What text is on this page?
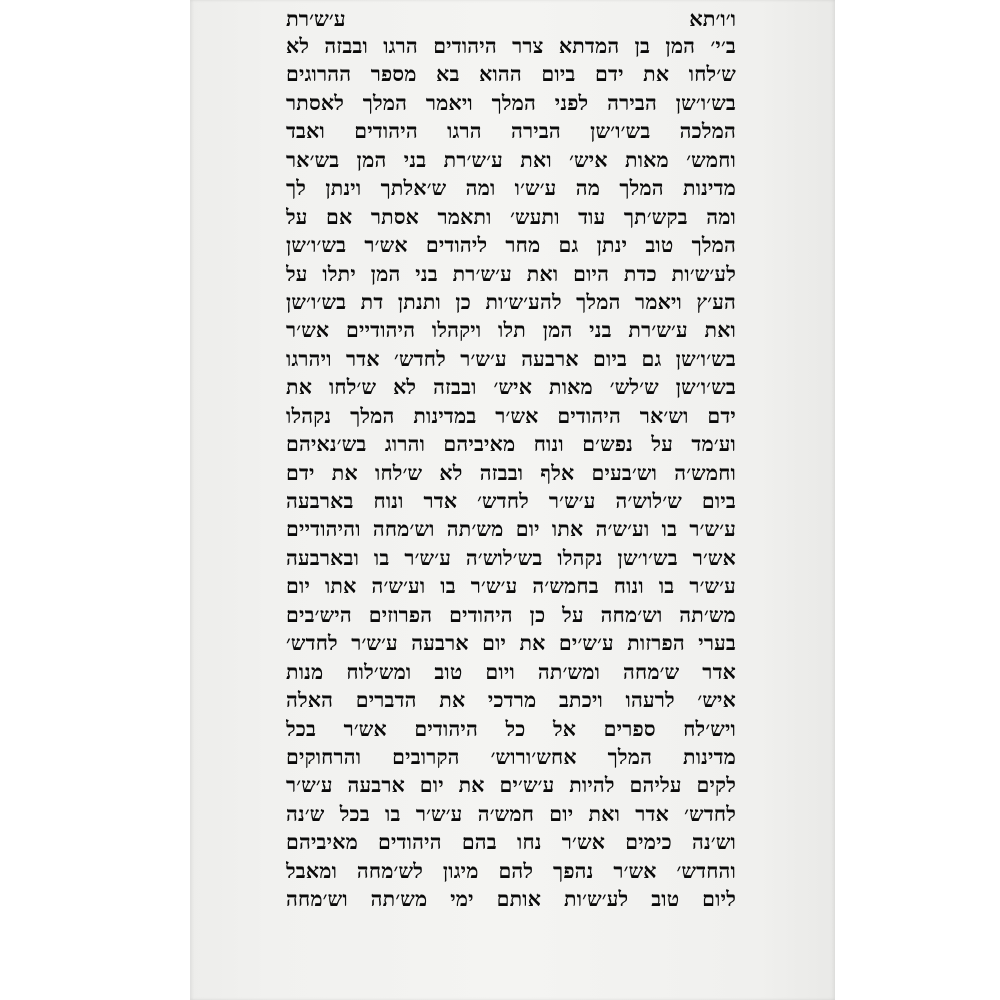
ו׳ו׳תא
ע׳ש׳רת
ב׳י׳ המן בן המדתא צרר היהודים הרגו ובבזה לא
ש׳לחו את ידם ביום ההוא בא מספר ההרוגים
בש׳ו׳שן הבירה לפני המלך ויאמר המלך לאסתר
המלכה בש׳ו׳שן הבירה הרגו היהודים ואבד
וחמש׳ מאות איש׳ ואת ע׳ש׳רת בני המן בש׳אר
מדינות המלך מה ע׳ש׳ו ומה ש׳אלתך וינתן לך
ומה בקש׳תך עוד ותעש׳ ותאמר אסתר אם על
המלך טוב ינתן גם מחר ליהודים אש׳ר בש׳ו׳שן
לע׳ש׳ות כדת היום ואת ע׳ש׳רת בני המן יתלו על
הע׳ץ ויאמר המלך להע׳ש׳ות כן ותנתן דת בש׳ו׳שן
ואת ע׳ש׳רת בני המן תלו ויקהלו היהודיים אש׳ר
בש׳ו׳שן גם ביום ארבעה ע׳ש׳ר לחדש׳ אדר ויהרגו
בש׳ו׳שן ש׳לש׳ מאות איש׳ ובבזה לא ש׳לחו את
ידם וש׳אר היהודים אש׳ר במדינות המלך נקהלו
וע׳מד על נפש׳ם ונוח מאיביהם והרוג בש׳נאיהם
וחמש׳ה וש׳בעים אלף ובבזה לא ש׳לחו את ידם
ביום ש׳לוש׳ה ע׳ש׳ר לחדש׳ אדר ונוח בארבעה
ע׳ש׳ר בו וע׳ש׳ה אתו יום מש׳תה וש׳מחה והיהודיים
אש׳ר בש׳ו׳שן נקהלו בש׳לוש׳ה ע׳ש׳ר בו ובארבעה
ע׳ש׳ר בו ונוח בחמש׳ה ע׳ש׳ר בו וע׳ש׳ה אתו יום
מש׳תה וש׳מחה על כן היהודים הפרוזים היש׳בים
בערי הפרזות ע׳ש׳ים את יום ארבעה ע׳ש׳ר לחדש׳
אדר ש׳מחה ומש׳תה ויום טוב ומש׳לוח מנות
איש׳ לרעהו ויכתב מרדכי את הדברים האלה
ויש׳לח ספרים אל כל היהודים אש׳ר בכל
מדינות המלך אחש׳ורוש׳ הקרובים והרחוקים
לקים עליהם להיות ע׳ש׳ים את יום ארבעה ע׳ש׳ר
לחדש׳ אדר ואת יום חמש׳ה ע׳ש׳ר בו בכל ש׳נה
וש׳נה כימים אש׳ר נחו בהם היהודים מאיביהם
והחדש׳ אש׳ר נהפך להם מיגון לש׳מחה ומאבל
ליום טוב לע׳ש׳ות אותם ימי מש׳תה וש׳מחה
